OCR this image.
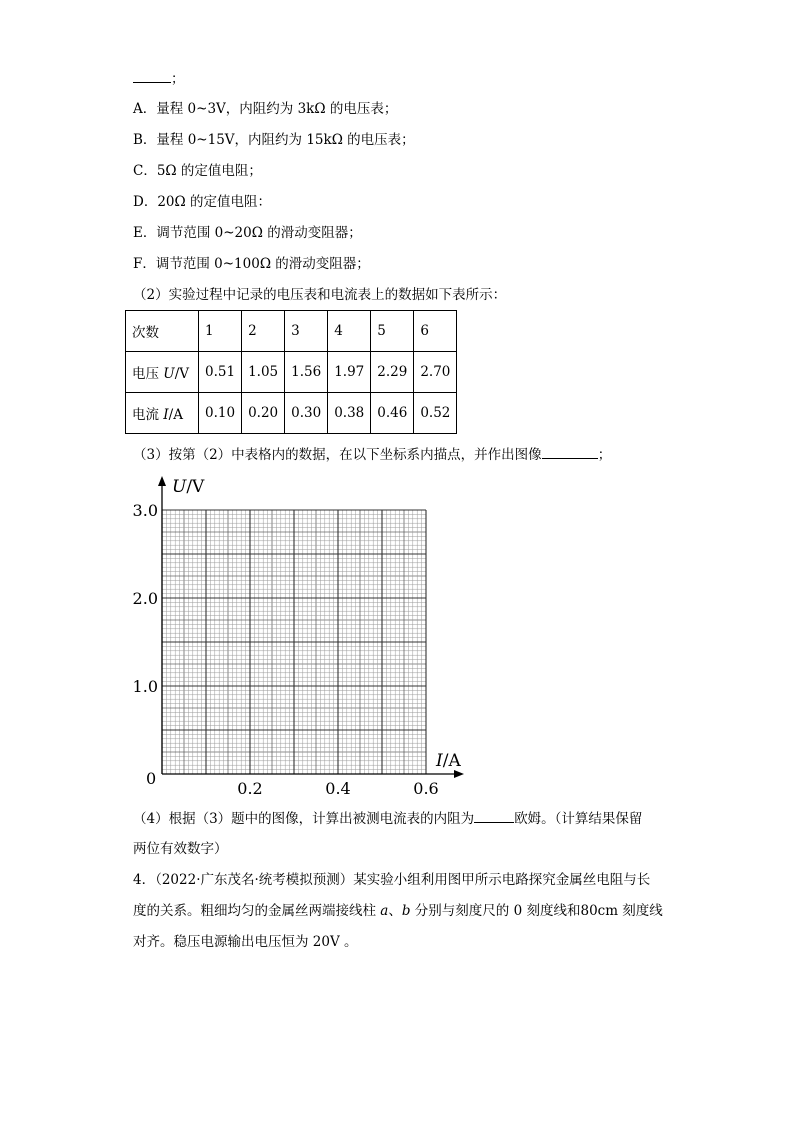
；
A．量程 0~3V，内阻约为 3kΩ 的电压表；
B．量程 0~15V，内阻约为 15kΩ 的电压表；
C．5Ω 的定值电阻；
D．20Ω 的定值电阻：
E．调节范围 0~20Ω 的滑动变阻器；
F．调节范围 0~100Ω 的滑动变阻器；
（2）实验过程中记录的电压表和电流表上的数据如下表所示：
次数	1	2	3	4	5	6
电压 U/V	0.51	1.05	1.56	1.97	2.29	2.70
电流 I/A	0.10	0.20	0.30	0.38	0.46	0.52
（3）按第（2）中表格内的数据，在以下坐标系内描点，并作出图像	；
U/V
I/A
0
1.0
2.0
3.0
0.2	0.4	0.6
（4）根据（3）题中的图像，计算出被测电流表的内阻为	欧姆。（计算结果保留
两位有效数字）
4．（2022·广东茂名·统考模拟预测）某实验小组利用图甲所示电路探究金属丝电阻与长
度的关系。粗细均匀的金属丝两端接线柱 a、b 分别与刻度尺的 0 刻度线和80cm 刻度线
对齐。稳压电源输出电压恒为 20V 。
